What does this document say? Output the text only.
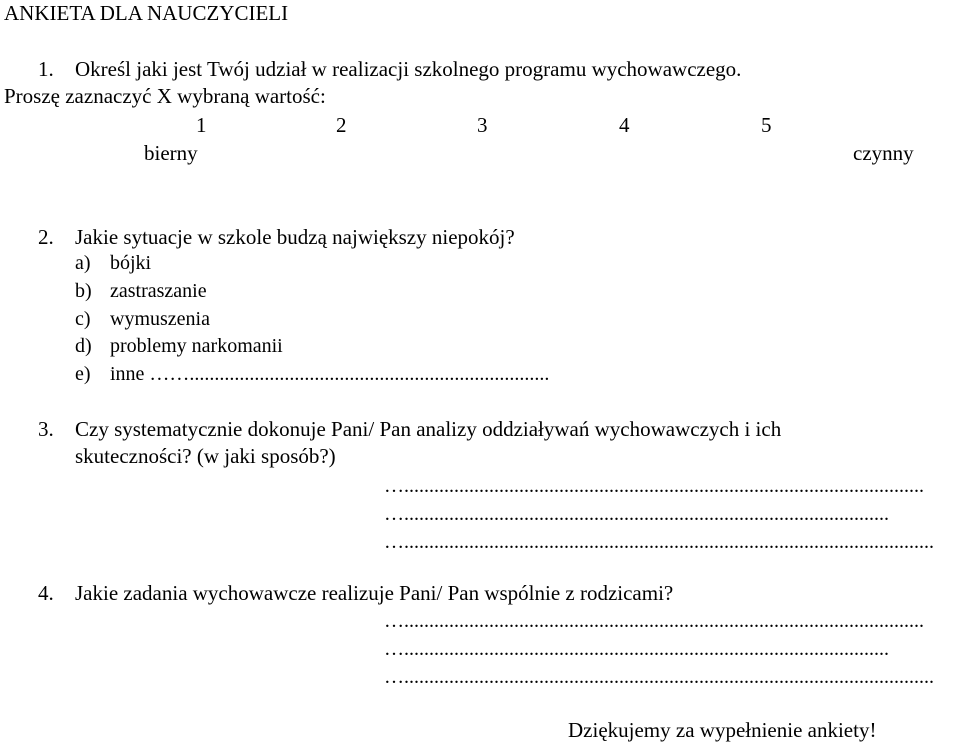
ANKIETA DLA NAUCZYCIELI
1. Określ jaki jest Twój udział w realizacji szkolnego programu wychowawczego.
Proszę zaznaczyć X wybraną wartość:
1	2	3	4	5
bierny	czynny
2. Jakie sytuacje w szkole budzą największy niepokój?
a) bójki
b) zastraszanie
c) wymuszenia
d) problemy narkomanii
e) inne ……........................................................................
3. Czy systematycznie dokonuje Pani/ Pan analizy oddziaływań wychowawczych i ich
skuteczności? (w jaki sposób?)
…........................................................................................................
….................................................................................................
…..........................................................................................................
4. Jakie zadania wychowawcze realizuje Pani/ Pan wspólnie z rodzicami?
…........................................................................................................
….................................................................................................
…..........................................................................................................
Dziękujemy za wypełnienie ankiety!
